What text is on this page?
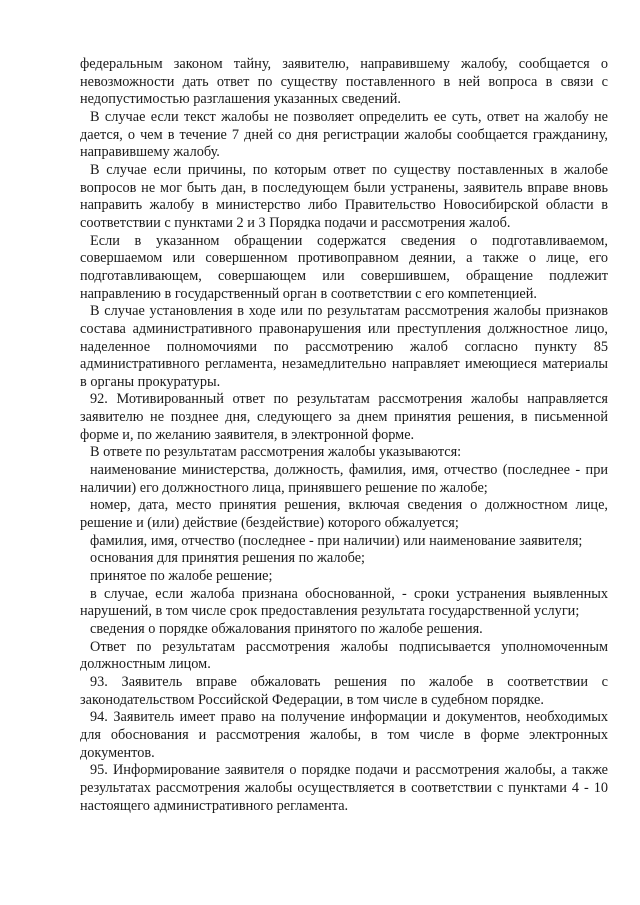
федеральным законом тайну, заявителю, направившему жалобу, сообщается о невозможности дать ответ по существу поставленного в ней вопроса в связи с недопустимостью разглашения указанных сведений.

В случае если текст жалобы не позволяет определить ее суть, ответ на жалобу не дается, о чем в течение 7 дней со дня регистрации жалобы сообщается гражданину, направившему жалобу.

В случае если причины, по которым ответ по существу поставленных в жалобе вопросов не мог быть дан, в последующем были устранены, заявитель вправе вновь направить жалобу в министерство либо Правительство Новосибирской области в соответствии с пунктами 2 и 3 Порядка подачи и рассмотрения жалоб.

Если в указанном обращении содержатся сведения о подготавливаемом, совершаемом или совершенном противоправном деянии, а также о лице, его подготавливающем, совершающем или совершившем, обращение подлежит направлению в государственный орган в соответствии с его компетенцией.

В случае установления в ходе или по результатам рассмотрения жалобы признаков состава административного правонарушения или преступления должностное лицо, наделенное полномочиями по рассмотрению жалоб согласно пункту 85 административного регламента, незамедлительно направляет имеющиеся материалы в органы прокуратуры.

92. Мотивированный ответ по результатам рассмотрения жалобы направляется заявителю не позднее дня, следующего за днем принятия решения, в письменной форме и, по желанию заявителя, в электронной форме.

В ответе по результатам рассмотрения жалобы указываются:

наименование министерства, должность, фамилия, имя, отчество (последнее - при наличии) его должностного лица, принявшего решение по жалобе;

номер, дата, место принятия решения, включая сведения о должностном лице, решение и (или) действие (бездействие) которого обжалуется;

фамилия, имя, отчество (последнее - при наличии) или наименование заявителя;

основания для принятия решения по жалобе;

принятое по жалобе решение;

в случае, если жалоба признана обоснованной, - сроки устранения выявленных нарушений, в том числе срок предоставления результата государственной услуги;

сведения о порядке обжалования принятого по жалобе решения.

Ответ по результатам рассмотрения жалобы подписывается уполномоченным должностным лицом.

93. Заявитель вправе обжаловать решения по жалобе в соответствии с законодательством Российской Федерации, в том числе в судебном порядке.

94. Заявитель имеет право на получение информации и документов, необходимых для обоснования и рассмотрения жалобы, в том числе в форме электронных документов.

95. Информирование заявителя о порядке подачи и рассмотрения жалобы, а также результатах рассмотрения жалобы осуществляется в соответствии с пунктами 4 - 10 настоящего административного регламента.
